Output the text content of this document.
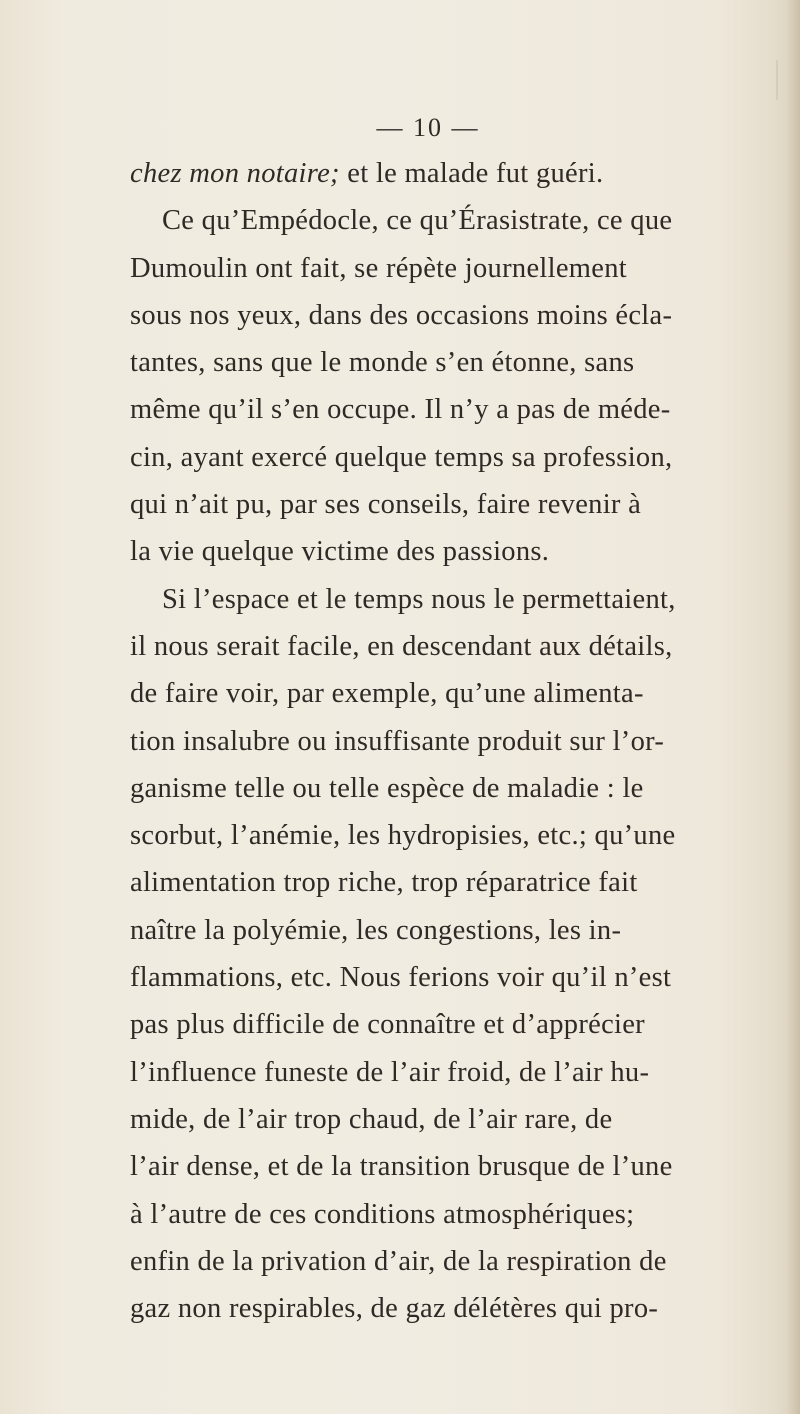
— 10 —
chez mon notaire; et le malade fut guéri.
Ce qu’Empédocle, ce qu’Érasistrate, ce que
Dumoulin ont fait, se répète journellement
sous nos yeux, dans des occasions moins écla-
tantes, sans que le monde s’en étonne, sans
même qu’il s’en occupe. Il n’y a pas de méde-
cin, ayant exercé quelque temps sa profession,
qui n’ait pu, par ses conseils, faire revenir à
la vie quelque victime des passions.
Si l’espace et le temps nous le permettaient,
il nous serait facile, en descendant aux détails,
de faire voir, par exemple, qu’une alimenta-
tion insalubre ou insuffisante produit sur l’or-
ganisme telle ou telle espèce de maladie : le
scorbut, l’anémie, les hydropisies, etc.; qu’une
alimentation trop riche, trop réparatrice fait
naître la polyémie, les congestions, les in-
flammations, etc. Nous ferions voir qu’il n’est
pas plus difficile de connaître et d’apprécier
l’influence funeste de l’air froid, de l’air hu-
mide, de l’air trop chaud, de l’air rare, de
l’air dense, et de la transition brusque de l’une
à l’autre de ces conditions atmosphériques;
enfin de la privation d’air, de la respiration de
gaz non respirables, de gaz délétères qui pro-
